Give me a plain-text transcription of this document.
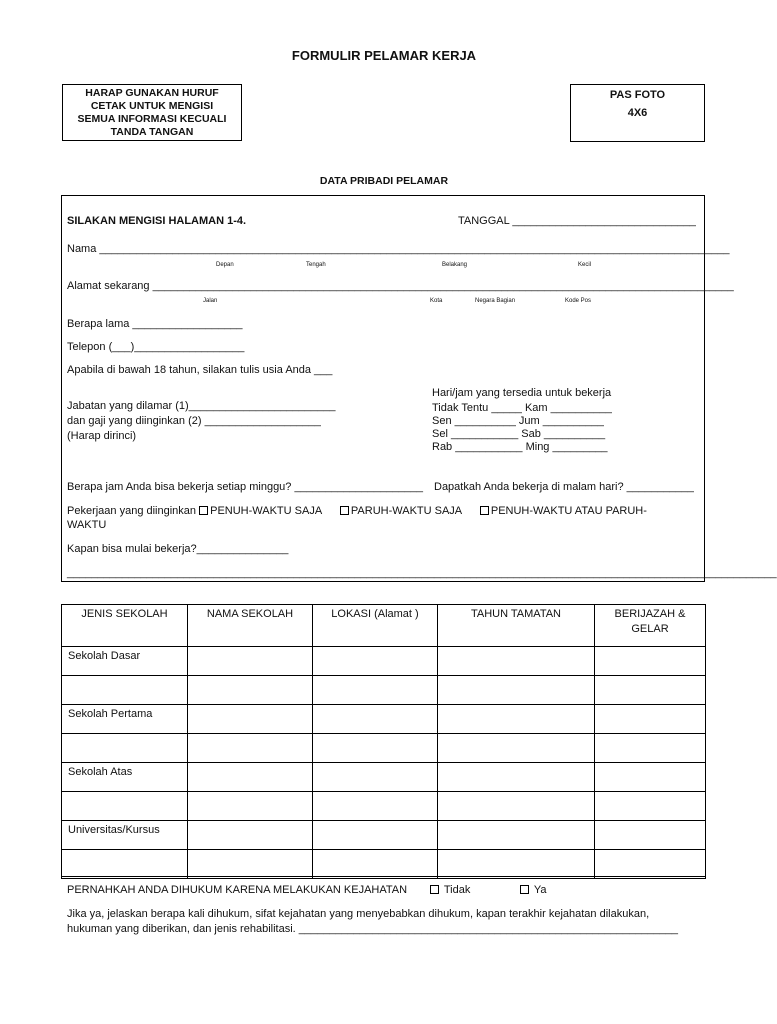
FORMULIR PELAMAR KERJA
HARAP GUNAKAN HURUF
CETAK UNTUK MENGISI
SEMUA INFORMASI KECUALI
TANDA TANGAN
PAS FOTO
4X6
DATA PRIBADI PELAMAR
SILAKAN MENGISI HALAMAN 1-4.	TANGGAL ______________________________
Nama _______________________________________________________________________________________________________
Depan	Tengah	Belakang	Kecil
Alamat sekarang _______________________________________________________________________________________________
Jalan	Kota	Negara Bagian	Kode Pos
Berapa lama __________________
Telepon (___)__________________
Apabila di bawah 18 tahun, silakan tulis usia Anda ___
Hari/jam yang tersedia untuk bekerja
Tidak Tentu _____ Kam __________
Sen __________ Jum __________
Sel ___________ Sab __________
Rab ___________ Ming _________
Jabatan yang dilamar (1)________________________
dan gaji yang diinginkan (2) ___________________
(Harap dirinci)
Berapa jam Anda bisa bekerja setiap minggu? _____________________ Dapatkah Anda bekerja di malam hari? ___________
Pekerjaan yang diinginkan PENUH-WAKTU SAJA	PARUH-WAKTU SAJA	PENUH-WAKTU ATAU PARUH-
WAKTU
Kapan bisa mulai bekerja?_______________
____________________________________________________________________________________________________________________
JENIS SEKOLAH	NAMA SEKOLAH	LOKASI (Alamat )	TAHUN TAMATAN	BERIJAZAH & GELAR
Sekolah Dasar				

Sekolah Pertama				

Sekolah Atas				

Universitas/Kursus				

PERNAHKAH ANDA DIHUKUM KARENA MELAKUKAN KEJAHATAN	Tidak	Ya
Jika ya, jelaskan berapa kali dihukum, sifat kejahatan yang menyebabkan dihukum, kapan terakhir kejahatan dilakukan,
hukuman yang diberikan, dan jenis rehabilitasi. ______________________________________________________________
